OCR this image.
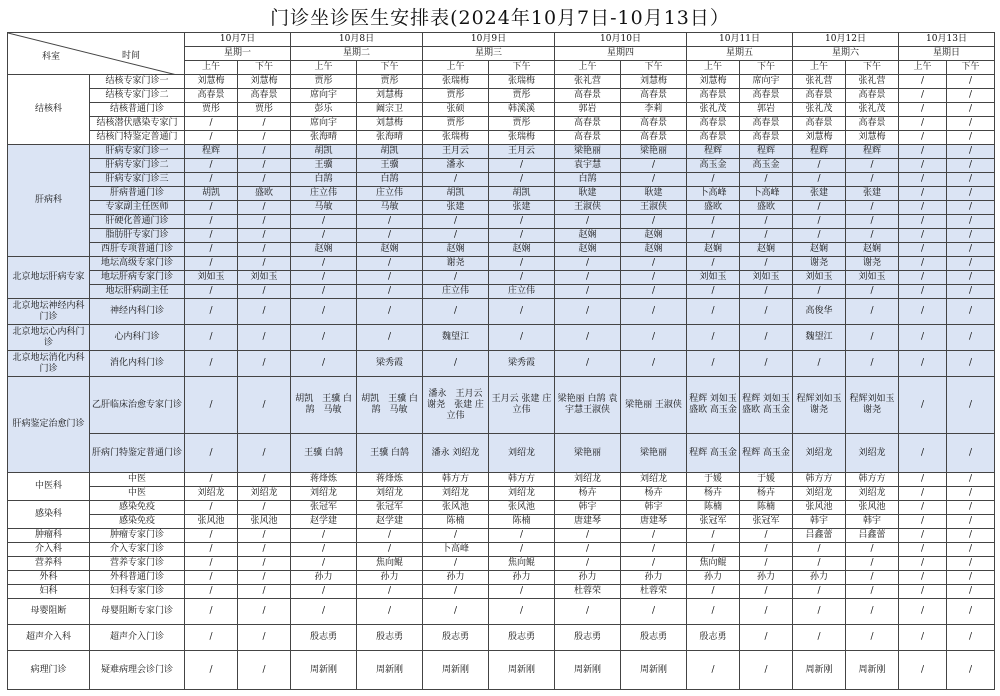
门诊坐诊医生安排表(2024年10月7日-10月13日）
科室 时间		10月7日		10月8日		10月9日		10月10日		10月11日		10月12日		10月13日	
		星期一		星期二		星期三		星期四		星期五		星期六		星期日	
		上午	下午	上午	下午	上午	下午	上午	下午	上午	下午	上午	下午	上午	下午
结核科	结核专家门诊一	刘慧梅	刘慧梅	贾彤	贾彤	张瑞梅	张瑞梅	张礼营	刘慧梅	刘慧梅	席向宇	张礼营	张礼营	/	/
	结核专家门诊二	高春景	高春景	席向宇	刘慧梅	贾彤	贾彤	高春景	高春景	高春景	高春景	高春景	高春景	/	/
	结核普通门诊	贾彤	贾彤	彭乐	阚宗卫	张硕	韩溪溪	郭岩	李莉	张礼茂	郭岩	张礼茂	张礼茂	/	/
	结核潜伏感染专家门	/	/	席向宇	刘慧梅	贾彤	贾彤	高春景	高春景	高春景	高春景	高春景	高春景	/	/
	结核门特鉴定普通门	/	/	张海晴	张海晴	张瑞梅	张瑞梅	高春景	高春景	高春景	高春景	刘慧梅	刘慧梅	/	/
肝病科	肝病专家门诊一	程辉	/	胡凯	胡凯	王月云	王月云	梁艳丽	梁艳丽	程辉	程辉	程辉	程辉	/	/
	肝病专家门诊二	/	/	王骥	王骥	潘永	/	袁宇慧	/	高玉金	高玉金	/	/	/	/
	肝病专家门诊三	/	/	白鹄	白鹄	/	/	白鹄	/	/	/	/	/	/	/
	肝病普通门诊	胡凯	盛欧	庄立伟	庄立伟	胡凯	胡凯	耿建	耿建	卜高峰	卜高峰	张建	张建	/	/
	专家副主任医师	/	/	马敏	马敏	张建	张建	王淑侠	王淑侠	盛欧	盛欧	/	/	/	/
	肝硬化普通门诊	/	/	/	/	/	/	/	/	/	/	/	/	/	/
	脂肪肝专家门诊	/	/	/	/	/	/	赵娴	赵娴	/	/	/	/	/	/
	西肝专项普通门诊	/	/	赵娴	赵娴	赵娴	赵娴	赵娴	赵娴	赵娴	赵娴	赵娴	赵娴	/	/
北京地坛肝病专家	地坛高级专家门诊	/	/	/	/	谢尧	/	/	/	/	/	谢尧	谢尧	/	/
	地坛肝病专家门诊	刘如玉	刘如玉	/	/	/	/	/	/	刘如玉	刘如玉	刘如玉	刘如玉	/	/
	地坛肝病副主任	/	/	/	/	庄立伟	庄立伟	/	/	/	/	/	/	/	/
北京地坛神经内科门诊	神经内科门诊	/	/	/	/	/	/	/	/	/	/	高俊华	/	/	/
北京地坛心内科门诊	心内科门诊	/	/	/	/	魏望江	/	/	/	/	/	魏望江	/	/	/
北京地坛消化内科门诊	消化内科门诊	/	/	/	梁秀霞	/	梁秀霞	/	/	/	/	/	/	/	/
肝病鉴定治愈门诊	乙肝临床治愈专家门诊	/	/	胡凯　王骥 白鹄　马敏	胡凯　王骥 白鹄　马敏	潘永　王月云 谢尧　张建 庄立伟	王月云 张建 庄立伟	梁艳丽 白鹄 袁宇慧王淑侠	梁艳丽 王淑侠	程辉 刘如玉 盛欧 高玉金	程辉 刘如玉 盛欧 高玉金	程辉刘如玉谢尧	程辉刘如玉谢尧	/	/
	肝病门特鉴定普通门诊	/	/	王骥 白鹄	王骥 白鹄	潘永 刘绍龙	刘绍龙	梁艳丽	梁艳丽	程辉 高玉金	程辉 高玉金	刘绍龙	刘绍龙	/	/
中医科	中医	/	/	蒋烽炼	蒋烽炼	韩方方	韩方方	刘绍龙	刘绍龙	于媛	于媛	韩方方	韩方方	/	/
	中医	刘绍龙	刘绍龙	刘绍龙	刘绍龙	刘绍龙	刘绍龙	杨卉	杨卉	杨卉	杨卉	刘绍龙	刘绍龙	/	/
感染科	感染免疫	/	/	张冠军	张冠军	张风池	张风池	韩宇	韩宇	陈楠	陈楠	张风池	张风池	/	/
	感染免疫	张风池	张风池	赵学建	赵学建	陈楠	陈楠	唐建琴	唐建琴	张冠军	张冠军	韩宇	韩宇	/	/
肿瘤科	肿瘤专家门诊	/	/	/	/	/	/	/	/	/	/	吕鑫蕾	吕鑫蕾	/	/
介入科	介入专家门诊	/	/	/	/	卜高峰	/	/	/	/	/	/	/	/	/
营养科	营养专家门诊	/	/	/	焦向鲲	/	焦向鲲	/	/	焦向鲲	/	/	/	/	/
外科	外科普通门诊	/	/	孙力	孙力	孙力	孙力	孙力	孙力	孙力	孙力	孙力	/	/	/
妇科	妇科专家门诊	/	/	/	/	/	/	杜蓉荣	杜蓉荣	/	/	/	/	/	/
母婴阻断	母婴阻断专家门诊	/	/	/	/	/	/	/	/	/	/	/	/	/	/
超声介入科	超声介入门诊	/	/	殷志勇	殷志勇	殷志勇	殷志勇	殷志勇	殷志勇	殷志勇	/	/	/	/	/
病理门诊	疑难病理会诊门诊	/	/	周新刚	周新刚	周新刚	周新刚	周新刚	周新刚	/	/	周新刚	周新刚	/	/
